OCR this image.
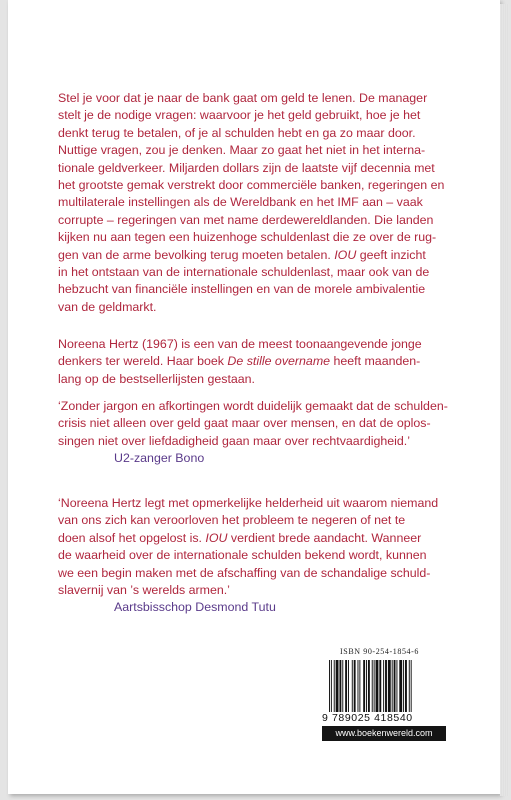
Stel je voor dat je naar de bank gaat om geld te lenen. De manager

stelt je de nodige vragen: waarvoor je het geld gebruikt, hoe je het

denkt terug te betalen, of je al schulden hebt en ga zo maar door.

Nuttige vragen, zou je denken. Maar zo gaat het niet in het interna-

tionale geldverkeer. Miljarden dollars zijn de laatste vijf decennia met

het grootste gemak verstrekt door commerciële banken, regeringen en

multilaterale instellingen als de Wereldbank en het IMF aan – vaak

corrupte – regeringen van met name derdewereldlanden. Die landen

kijken nu aan tegen een huizenhoge schuldenlast die ze over de rug-

gen van de arme bevolking terug moeten betalen. IOU geeft inzicht

in het ontstaan van de internationale schuldenlast, maar ook van de

hebzucht van financiële instellingen en van de morele ambivalentie

van de geldmarkt.

Noreena Hertz (1967) is een van de meest toonaangevende jonge

denkers ter wereld. Haar boek De stille overname heeft maanden-

lang op de bestsellerlijsten gestaan.

‘Zonder jargon en afkortingen wordt duidelijk gemaakt dat de schulden-

crisis niet alleen over geld gaat maar over mensen, en dat de oplos-

singen niet over liefdadigheid gaan maar over rechtvaardigheid.’

U2-zanger Bono

‘Noreena Hertz legt met opmerkelijke helderheid uit waarom niemand

van ons zich kan veroorloven het probleem te negeren of net te

doen alsof het opgelost is. IOU verdient brede aandacht. Wanneer

de waarheid over de internationale schulden bekend wordt, kunnen

we een begin maken met de afschaffing van de schandalige schuld-

slavernij van ’s werelds armen.’

Aartsbisschop Desmond Tutu
ISBN 90-254-1854-6
9 789025 418540
www.boekenwereld.com
